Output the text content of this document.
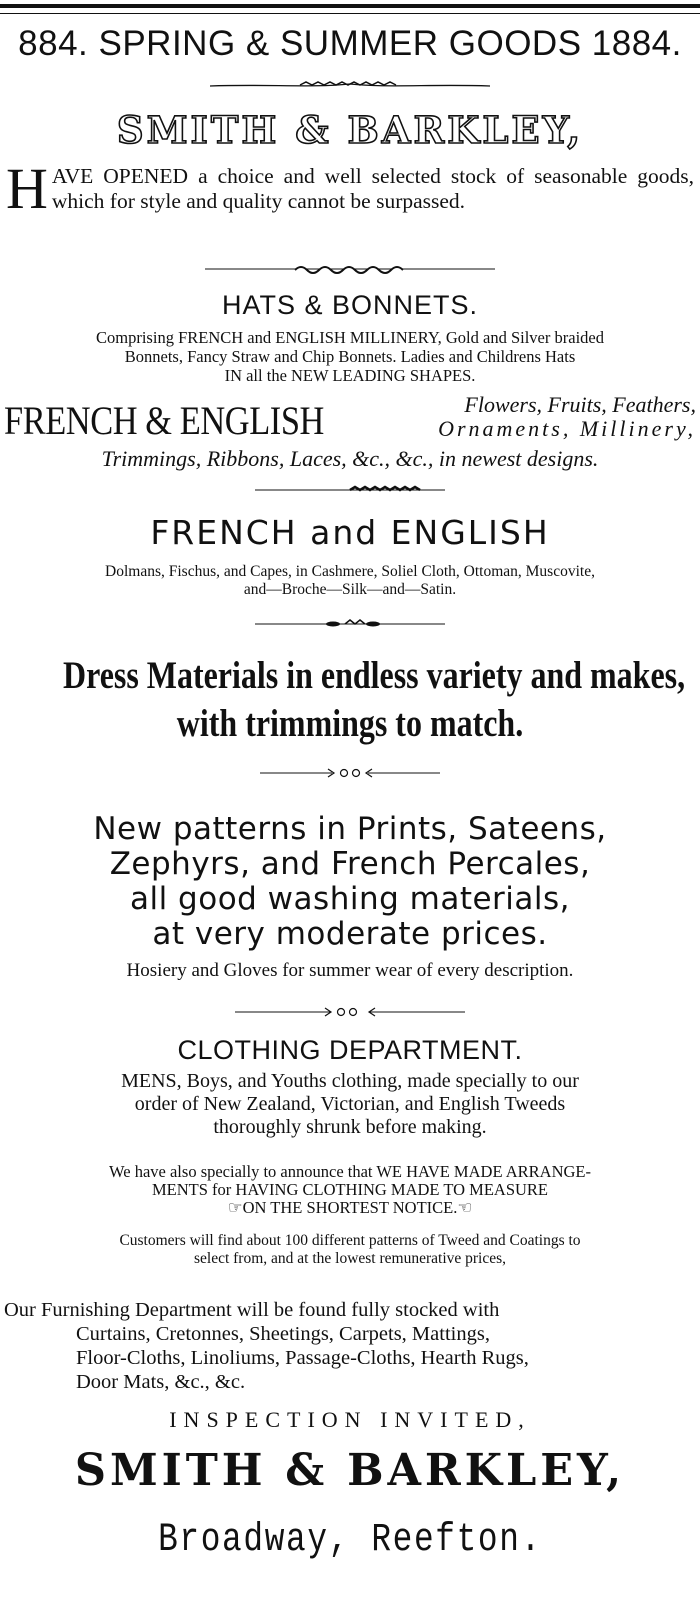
884. SPRING & SUMMER GOODS 1884.
SMITH & BARKLEY,
HAVE OPENED a choice and well selected stock of seasonable goods, which for style and quality cannot be surpassed.
HATS & BONNETS.
Comprising FRENCH and ENGLISH MILLINERY, Gold and Silver braided
Bonnets, Fancy Straw and Chip Bonnets. Ladies and Childrens Hats
IN all the NEW LEADING SHAPES.
FRENCH & ENGLISH	Flowers, Fruits, Feathers,
Ornaments, Millinery,
Trimmings, Ribbons, Laces, &c., &c., in newest designs.
FRENCH and ENGLISH
Dolmans, Fischus, and Capes, in Cashmere, Soliel Cloth, Ottoman, Muscovite,
and—Broche—Silk—and—Satin.
Dress Materials in endless variety and makes,
with trimmings to match.
New patterns in Prints, Sateens,
Zephyrs, and French Percales,
all good washing materials,
at very moderate prices.
Hosiery and Gloves for summer wear of every description.
CLOTHING DEPARTMENT.
MENS, Boys, and Youths clothing, made specially to our
order of New Zealand, Victorian, and English Tweeds
thoroughly shrunk before making.
We have also specially to announce that WE HAVE MADE ARRANGE-
MENTS for HAVING CLOTHING MADE TO MEASURE
☞ON THE SHORTEST NOTICE.☜
Customers will find about 100 different patterns of Tweed and Coatings to
select from, and at the lowest remunerative prices,
Our Furnishing Department will be found fully stocked with
Curtains, Cretonnes, Sheetings, Carpets, Mattings,
Floor-Cloths, Linoliums, Passage-Cloths, Hearth Rugs,
Door Mats, &c., &c.
INSPECTION INVITED,
SMITH & BARKLEY,
Broadway, Reefton.
